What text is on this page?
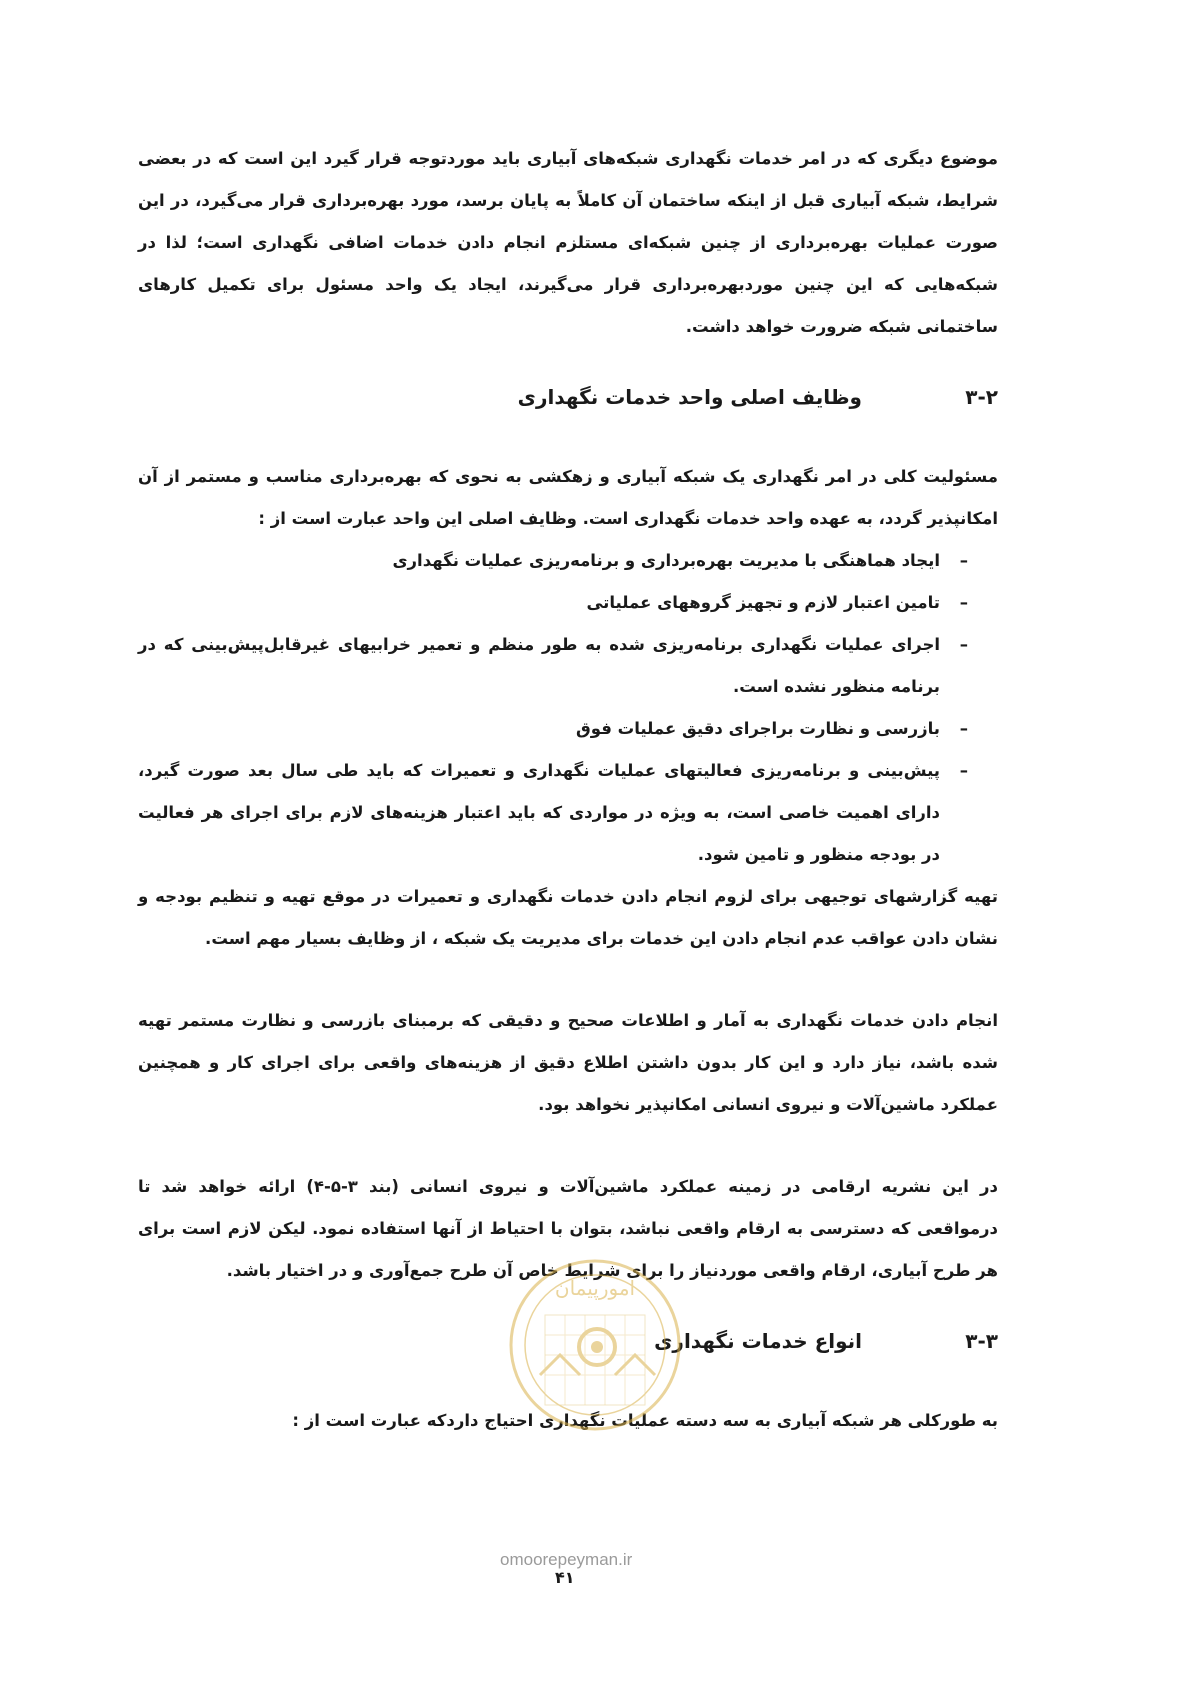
موضوع دیگری که در امر خدمات نگهداری شبکه‌های آبیاری باید موردتوجه قرار گیرد این است که در بعضی شرایط، شبکه آبیاری قبل از اینکه ساختمان آن کاملاً به پایان برسد، مورد بهره‌برداری قرار می‌گیرد، در این صورت عملیات بهره‌برداری از چنین شبکه‌ای مستلزم انجام دادن خدمات اضافی نگهداری است؛ لذا در شبکه‌هایی که این چنین موردبهره‌برداری قرار می‌گیرند، ایجاد یک واحد مسئول برای تکمیل کارهای ساختمانی شبکه ضرورت خواهد داشت.

۳-۲
وظایف اصلی واحد خدمات نگهداری

مسئولیت کلی در امر نگهداری یک شبکه آبیاری و زهکشی به نحوی که بهره‌برداری مناسب و مستمر از آن امکانپذیر گردد، به عهده واحد خدمات نگهداری است. وظایف اصلی این واحد عبارت است از :

–
ایجاد هماهنگی با مدیریت بهره‌برداری و برنامه‌ریزی عملیات نگهداری
–
تامین اعتبار لازم و تجهیز گروههای عملیاتی
–
اجرای عملیات نگهداری برنامه‌ریزی شده به طور منظم و تعمیر خرابیهای غیرقابل‌پیش‌بینی که در برنامه منظور نشده است.
–
بازرسی و نظارت براجرای دقیق عملیات فوق
–
پیش‌بینی و برنامه‌ریزی فعالیتهای عملیات نگهداری و تعمیرات که باید طی سال بعد صورت گیرد، دارای اهمیت خاصی است، به ویژه در مواردی که باید اعتبار هزینه‌های لازم برای اجرای هر فعالیت در بودجه منظور و تامین شود.

تهیه گزارشهای توجیهی برای لزوم انجام دادن خدمات نگهداری و تعمیرات در موقع تهیه و تنظیم بودجه و نشان دادن عواقب عدم انجام دادن این خدمات برای مدیریت یک شبکه ، از وظایف بسیار مهم است.

انجام دادن خدمات نگهداری به آمار و اطلاعات صحیح و دقیقی که برمبنای بازرسی و نظارت مستمر تهیه شده باشد، نیاز دارد و این کار بدون داشتن اطلاع دقیق از هزینه‌های واقعی برای اجرای کار و همچنین عملکرد ماشین‌آلات و نیروی انسانی امکانپذیر نخواهد بود.

در این نشریه ارقامی در زمینه عملکرد ماشین‌آلات و نیروی انسانی (بند ۳-۵-۴) ارائه خواهد شد تا درمواقعی که دسترسی به ارقام واقعی نباشد، بتوان با احتیاط از آنها استفاده نمود. لیکن لازم است برای هر طرح آبیاری، ارقام واقعی موردنیاز را برای شرایط خاص آن طرح جمع‌آوری و در اختیار باشد.

۳-۳
انواع خدمات نگهداری

به طورکلی هر شبکه آبیاری به سه دسته عملیات نگهداری احتیاج داردکه عبارت است از :

امورپیمان
omoorepeyman.ir
۴۱
